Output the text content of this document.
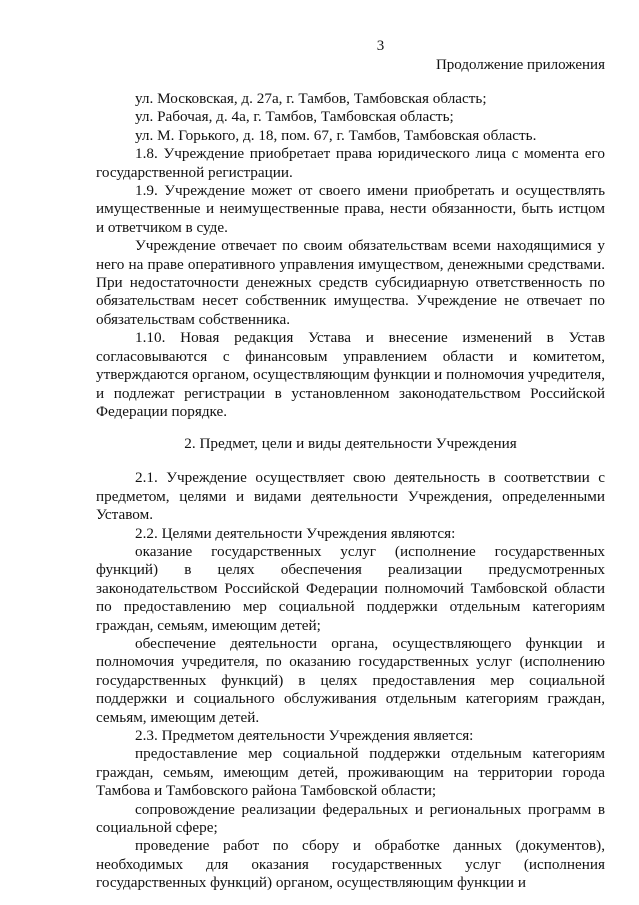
3
Продолжение приложения

ул. Московская, д. 27а, г. Тамбов, Тамбовская область;

ул. Рабочая, д. 4а, г. Тамбов, Тамбовская область;

ул. М. Горького, д. 18, пом. 67, г. Тамбов, Тамбовская область.

1.8. Учреждение приобретает права юридического лица с момента его государственной регистрации.

1.9. Учреждение может от своего имени приобретать и осуществлять имущественные и неимущественные права, нести обязанности, быть истцом и ответчиком в суде.

Учреждение отвечает по своим обязательствам всеми находящимися у него на праве оперативного управления имуществом, денежными средствами. При недостаточности денежных средств субсидиарную ответственность по обязательствам несет собственник имущества. Учреждение не отвечает по обязательствам собственника.

1.10. Новая редакция Устава и внесение изменений в Устав согласовываются с финансовым управлением области и комитетом, утверждаются органом, осуществляющим функции и полномочия учредителя, и подлежат регистрации в установленном законодательством Российской Федерации порядке.

2. Предмет, цели и виды деятельности Учреждения

2.1. Учреждение осуществляет свою деятельность в соответствии с предметом, целями и видами деятельности Учреждения, определенными Уставом.

2.2. Целями деятельности Учреждения являются:

оказание государственных услуг (исполнение государственных функций) в целях обеспечения реализации предусмотренных законодательством Российской Федерации полномочий Тамбовской области по предоставлению мер социальной поддержки отдельным категориям граждан, семьям, имеющим детей;

обеспечение деятельности органа, осуществляющего функции и полномочия учредителя, по оказанию государственных услуг (исполнению государственных функций) в целях предоставления мер социальной поддержки и социального обслуживания отдельным категориям граждан, семьям, имеющим детей.

2.3. Предметом деятельности Учреждения является:

предоставление мер социальной поддержки отдельным категориям граждан, семьям, имеющим детей, проживающим на территории города Тамбова и Тамбовского района Тамбовской области;

сопровождение реализации федеральных и региональных программ в социальной сфере;

проведение работ по сбору и обработке данных (документов), необходимых для оказания государственных услуг (исполнения государственных функций) органом, осуществляющим функции и
